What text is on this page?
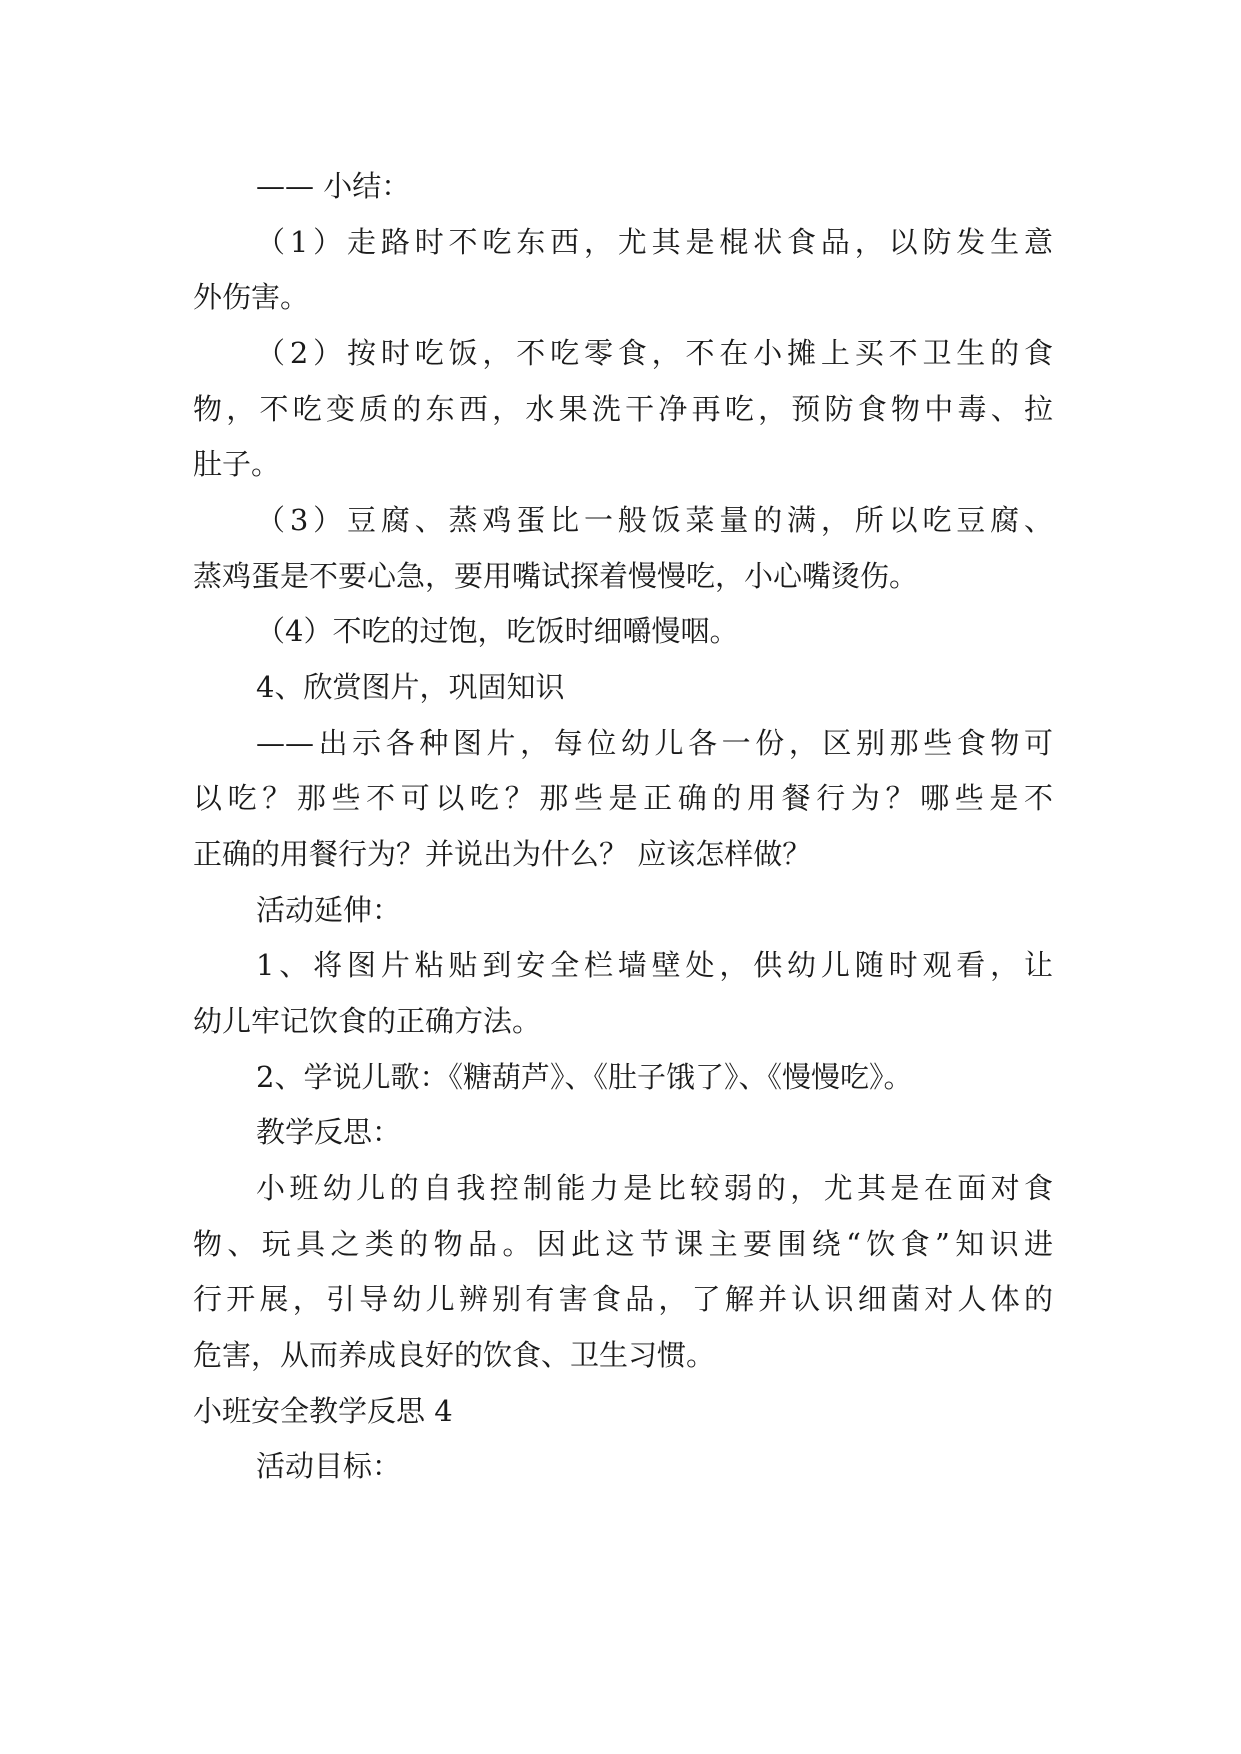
—— 小结：
（1）走路时不吃东西，尤其是棍状食品，以防发生意
外伤害。
（2）按时吃饭，不吃零食，不在小摊上买不卫生的食
物，不吃变质的东西，水果洗干净再吃，预防食物中毒、拉
肚子。
（3）豆腐、蒸鸡蛋比一般饭菜量的满，所以吃豆腐、
蒸鸡蛋是不要心急，要用嘴试探着慢慢吃，小心嘴烫伤。
（4）不吃的过饱，吃饭时细嚼慢咽。
4、欣赏图片，巩固知识
——出示各种图片，每位幼儿各一份，区别那些食物可
以吃？那些不可以吃？那些是正确的用餐行为？哪些是不
正确的用餐行为？并说出为什么？ 应该怎样做？
活动延伸：
1、将图片粘贴到安全栏墙壁处，供幼儿随时观看，让
幼儿牢记饮食的正确方法。
2、学说儿歌：《糖葫芦》、《肚子饿了》、《慢慢吃》。
教学反思：
小班幼儿的自我控制能力是比较弱的，尤其是在面对食
物、玩具之类的物品。因此这节课主要围绕“饮食”知识进
行开展，引导幼儿辨别有害食品，了解并认识细菌对人体的
危害，从而养成良好的饮食、卫生习惯。
小班安全教学反思 4
活动目标：
